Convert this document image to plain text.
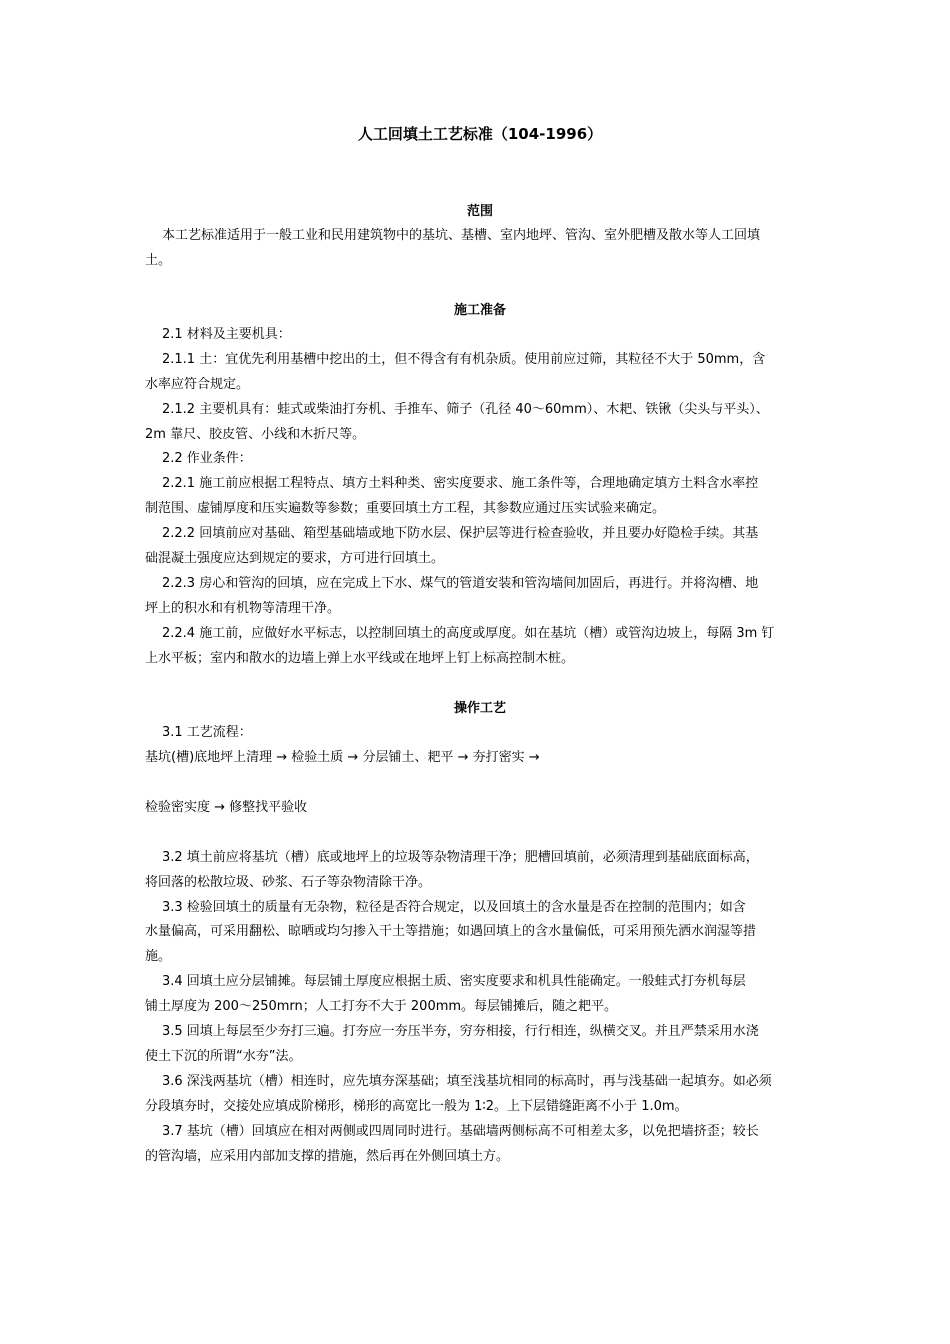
人工回填土工艺标准（104-1996）
范围
本工艺标准适用于一般工业和民用建筑物中的基坑、基槽、室内地坪、管沟、室外肥槽及散水等人工回填
土。
施工准备
2.1 材料及主要机具：
2.1.1 土：宜优先利用基槽中挖出的土，但不得含有有机杂质。使用前应过筛，其粒径不大于 50mm，含
水率应符合规定。
2.1.2 主要机具有：蛙式或柴油打夯机、手推车、筛子（孔径 40～60mm）、木耙、铁锹（尖头与平头）、
2m 靠尺、胶皮管、小线和木折尺等。
2.2 作业条件：
2.2.1 施工前应根据工程特点、填方土料种类、密实度要求、施工条件等，合理地确定填方土料含水率控
制范围、虚铺厚度和压实遍数等参数；重要回填土方工程，其参数应通过压实试验来确定。
2.2.2 回填前应对基础、箱型基础墙或地下防水层、保护层等进行检查验收，并且要办好隐检手续。其基
础混凝土强度应达到规定的要求，方可进行回填土。
2.2.3 房心和管沟的回填，应在完成上下水、煤气的管道安装和管沟墙间加固后，再进行。并将沟槽、地
坪上的积水和有机物等清理干净。
2.2.4 施工前，应做好水平标志，以控制回填土的高度或厚度。如在基坑（槽）或管沟边坡上，每隔 3m 钉
上水平板；室内和散水的边墙上弹上水平线或在地坪上钉上标高控制木桩。
操作工艺
3.1 工艺流程：
基坑(槽)底地坪上清理 → 检验土质 → 分层铺土、耙平 → 夯打密实 →
检验密实度 → 修整找平验收
3.2 填土前应将基坑（槽）底或地坪上的垃圾等杂物清理干净；肥槽回填前，必须清理到基础底面标高，
将回落的松散垃圾、砂浆、石子等杂物清除干净。
3.3 检验回填土的质量有无杂物，粒径是否符合规定，以及回填土的含水量是否在控制的范围内；如含
水量偏高，可采用翻松、晾晒或均匀掺入干土等措施；如遇回填上的含水量偏低，可采用预先洒水润湿等措
施。
3.4 回填土应分层铺摊。每层铺土厚度应根据土质、密实度要求和机具性能确定。一般蛙式打夯机每层
铺土厚度为 200～250mrn；人工打夯不大于 200mm。每层铺摊后，随之耙平。
3.5 回填上每层至少夯打三遍。打夯应一夯压半夯，穷夯相接，行行相连，纵横交叉。并且严禁采用水浇
使土下沉的所谓“水夯”法。
3.6 深浅两基坑（槽）相连时，应先填夯深基础；填至浅基坑相同的标高时，再与浅基础一起填夯。如必须
分段填夯时，交接处应填成阶梯形，梯形的高宽比一般为 1∶2。上下层错缝距离不小于 1.0m。
3.7 基坑（槽）回填应在相对两侧或四周同时进行。基础墙两侧标高不可相差太多，以免把墙挤歪；较长
的管沟墙，应采用内部加支撑的措施，然后再在外侧回填土方。
